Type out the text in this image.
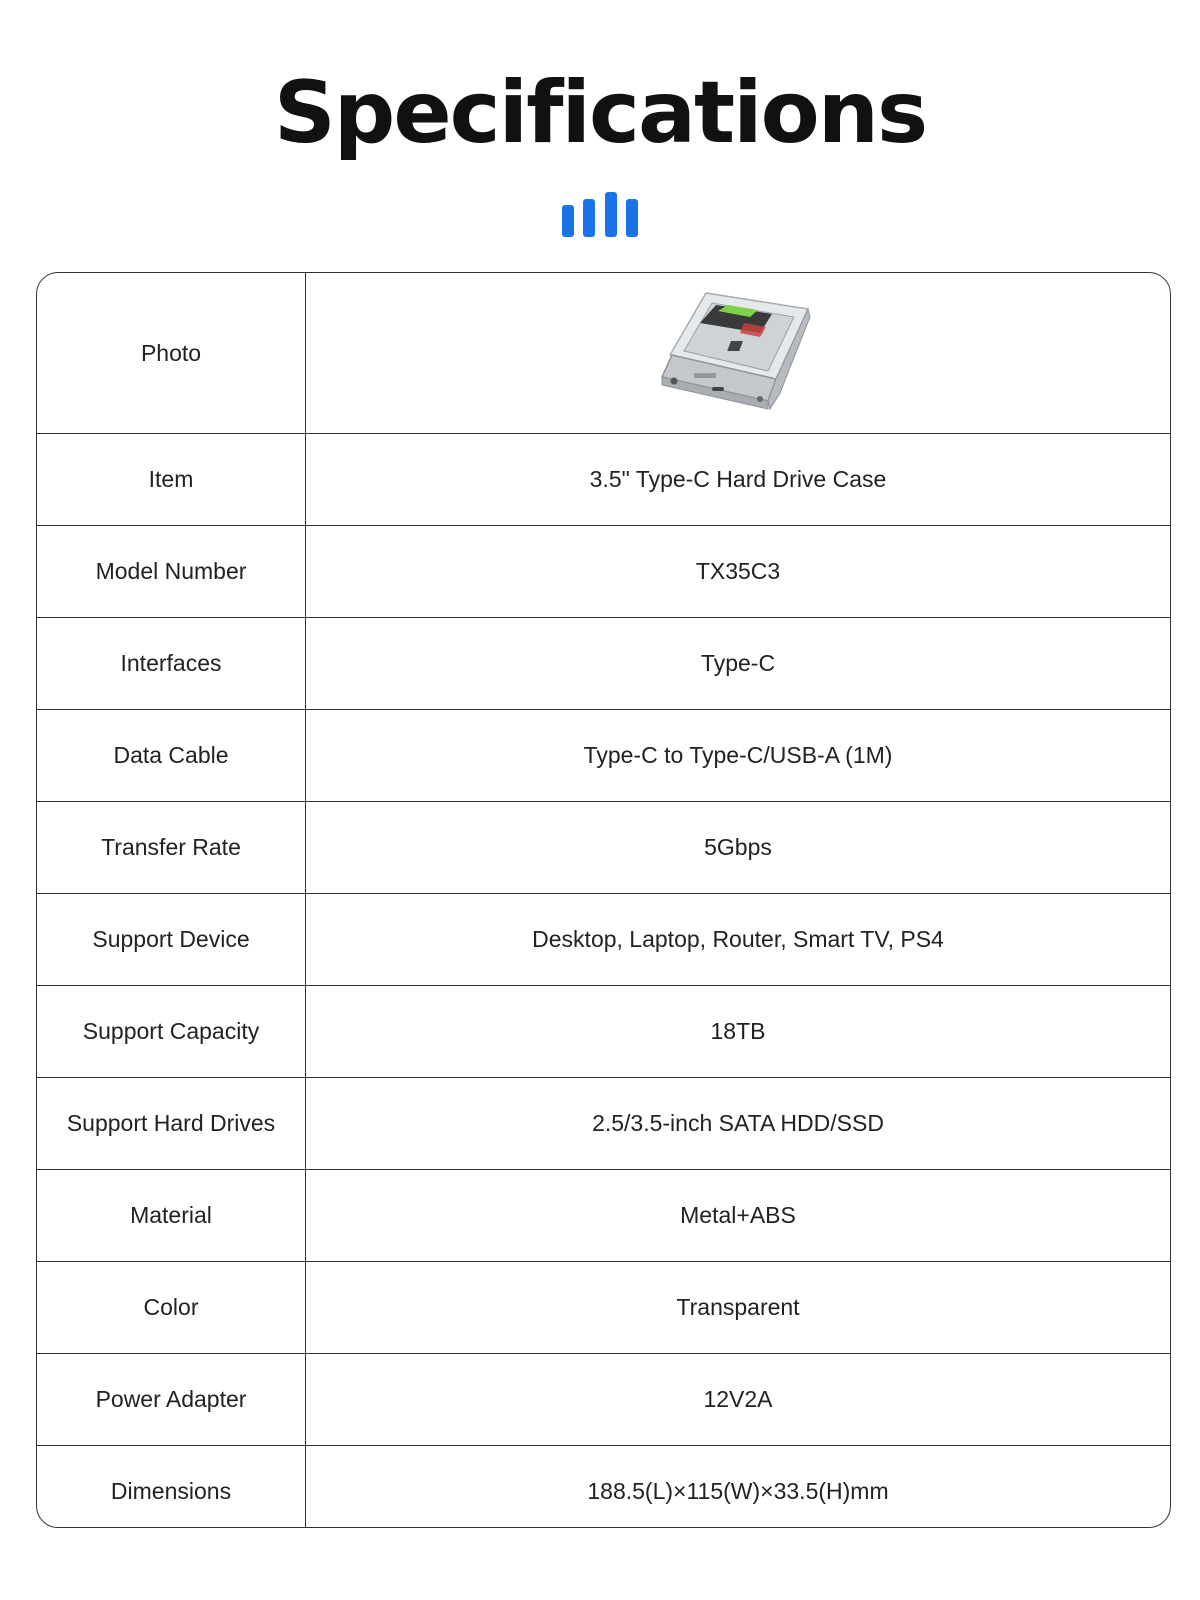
Specifications
Photo	
Item	3.5" Type-C Hard Drive Case
Model Number	TX35C3
Interfaces	Type-C
Data Cable	Type-C to Type-C/USB-A (1M)
Transfer Rate	5Gbps
Support Device	Desktop, Laptop, Router, Smart TV, PS4
Support Capacity	18TB
Support Hard Drives	2.5/3.5-inch SATA HDD/SSD
Material	Metal+ABS
Color	Transparent
Power Adapter	12V2A
Dimensions	188.5(L)×115(W)×33.5(H)mm
